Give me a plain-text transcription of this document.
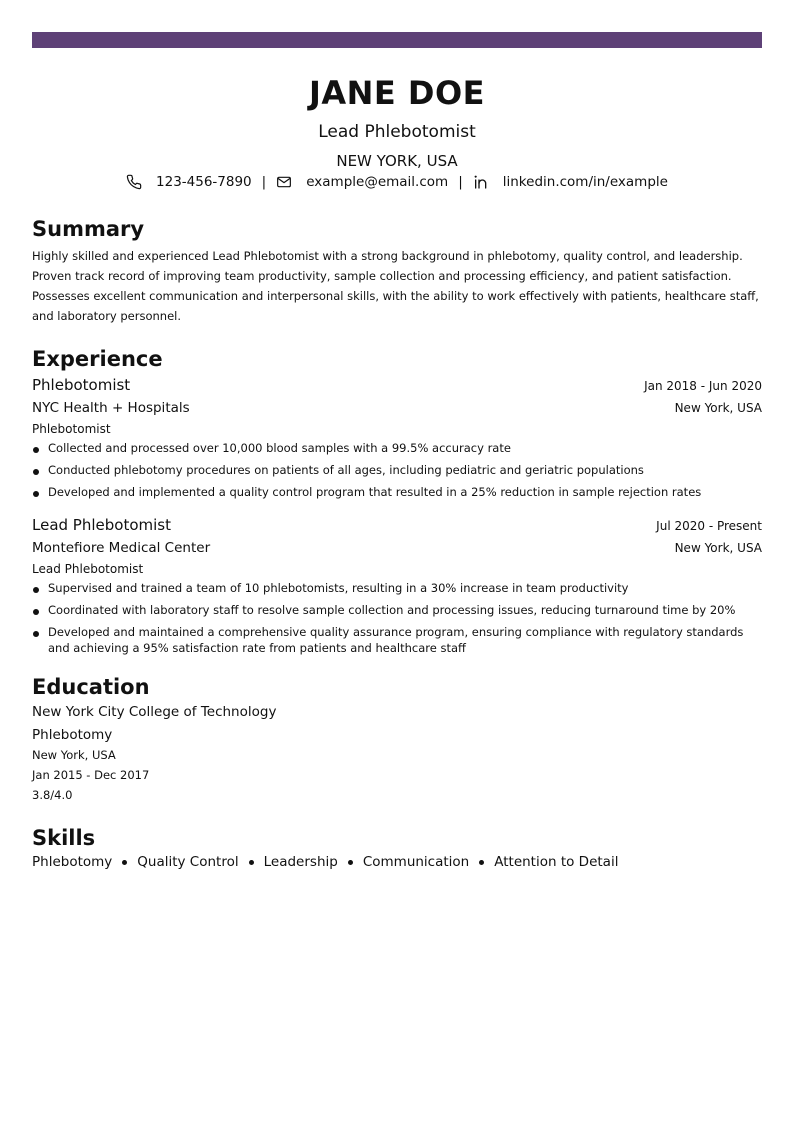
JANE DOE
Lead Phlebotomist
NEW YORK, USA
123-456-7890 |	example@email.com |	linkedin.com/in/example
Summary
Highly skilled and experienced Lead Phlebotomist with a strong background in phlebotomy, quality control, and leadership. Proven track record of improving team productivity, sample collection and processing efficiency, and patient satisfaction. Possesses excellent communication and interpersonal skills, with the ability to work effectively with patients, healthcare staff, and laboratory personnel.
Experience
Phlebotomist	Jan 2018 - Jun 2020
NYC Health + Hospitals	New York, USA
Phlebotomist
Collected and processed over 10,000 blood samples with a 99.5% accuracy rate
Conducted phlebotomy procedures on patients of all ages, including pediatric and geriatric populations
Developed and implemented a quality control program that resulted in a 25% reduction in sample rejection rates
Lead Phlebotomist	Jul 2020 - Present
Montefiore Medical Center	New York, USA
Lead Phlebotomist
Supervised and trained a team of 10 phlebotomists, resulting in a 30% increase in team productivity
Coordinated with laboratory staff to resolve sample collection and processing issues, reducing turnaround time by 20%
Developed and maintained a comprehensive quality assurance program, ensuring compliance with regulatory standards and achieving a 95% satisfaction rate from patients and healthcare staff
Education
New York City College of Technology
Phlebotomy
New York, USA
Jan 2015 - Dec 2017
3.8/4.0
Skills
Phlebotomy Quality Control Leadership Communication Attention to Detail
